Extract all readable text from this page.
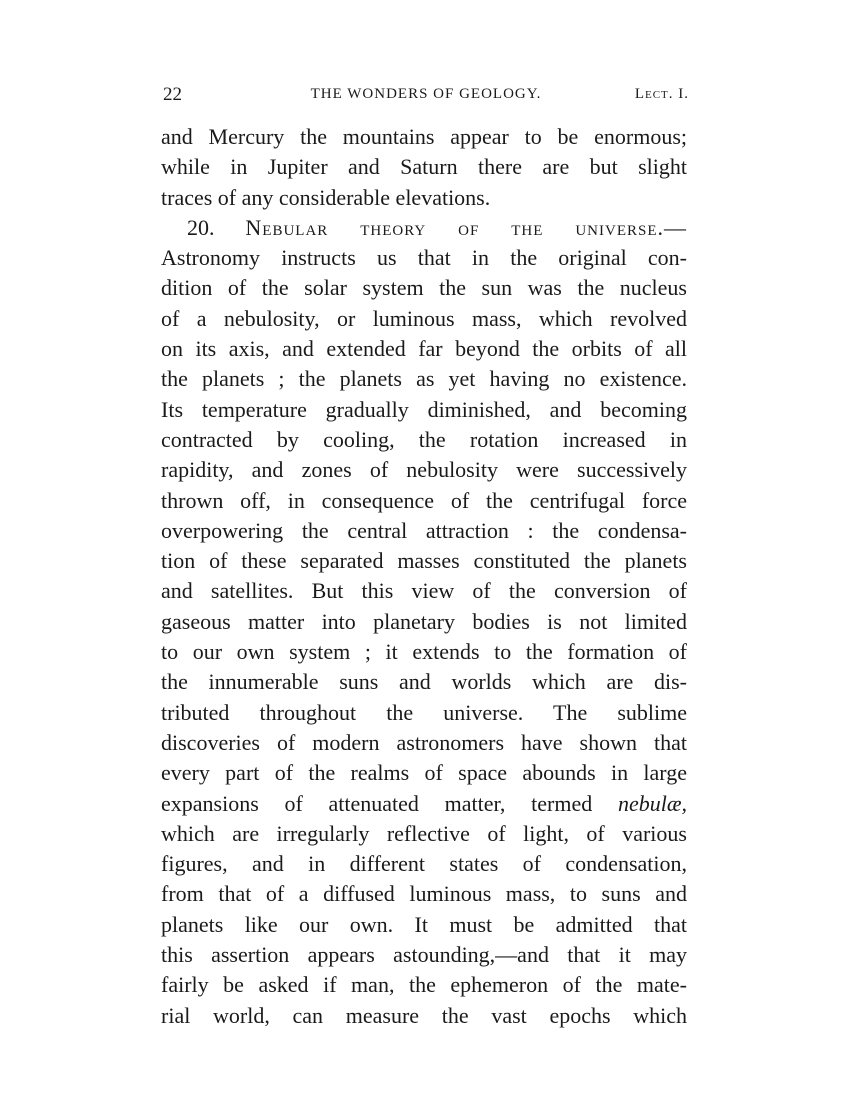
22	THE WONDERS OF GEOLOGY.	Lect. I.
and Mercury the mountains appear to be enormous;
while in Jupiter and Saturn there are but slight
traces of any considerable elevations.
20. Nebular theory of the universe.—
Astronomy instructs us that in the original con-
dition of the solar system the sun was the nucleus
of a nebulosity, or luminous mass, which revolved
on its axis, and extended far beyond the orbits of all
the planets ; the planets as yet having no existence.
Its temperature gradually diminished, and becoming
contracted by cooling, the rotation increased in
rapidity, and zones of nebulosity were successively
thrown off, in consequence of the centrifugal force
overpowering the central attraction : the condensa-
tion of these separated masses constituted the planets
and satellites. But this view of the conversion of
gaseous matter into planetary bodies is not limited
to our own system ; it extends to the formation of
the innumerable suns and worlds which are dis-
tributed throughout the universe. The sublime
discoveries of modern astronomers have shown that
every part of the realms of space abounds in large
expansions of attenuated matter, termed nebulæ,
which are irregularly reflective of light, of various
figures, and in different states of condensation,
from that of a diffused luminous mass, to suns and
planets like our own. It must be admitted that
this assertion appears astounding,—and that it may
fairly be asked if man, the ephemeron of the mate-
rial world, can measure the vast epochs which
